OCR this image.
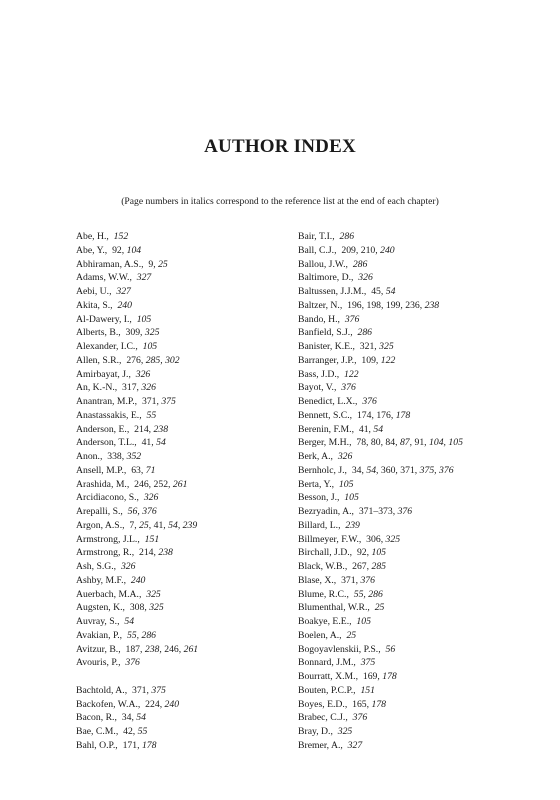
AUTHOR INDEX
(Page numbers in italics correspond to the reference list at the end of each chapter)
Abe, H., 152
Abe, Y., 92, 104
Abhiraman, A.S., 9, 25
Adams, W.W., 327
Aebi, U., 327
Akita, S., 240
Al-Dawery, I., 105
Alberts, B., 309, 325
Alexander, I.C., 105
Allen, S.R., 276, 285, 302
Amirbayat, J., 326
An, K.-N., 317, 326
Anantran, M.P., 371, 375
Anastassakis, E., 55
Anderson, E., 214, 238
Anderson, T.L., 41, 54
Anon., 338, 352
Ansell, M.P., 63, 71
Arashida, M., 246, 252, 261
Arcidiacono, S., 326
Arepalli, S., 56, 376
Argon, A.S., 7, 25, 41, 54, 239
Armstrong, J.L., 151
Armstrong, R., 214, 238
Ash, S.G., 326
Ashby, M.F., 240
Auerbach, M.A., 325
Augsten, K., 308, 325
Auvray, S., 54
Avakian, P., 55, 286
Avitzur, B., 187, 238, 246, 261
Avouris, P., 376
Bachtold, A., 371, 375
Backofen, W.A., 224, 240
Bacon, R., 34, 54
Bae, C.M., 42, 55
Bahl, O.P., 171, 178
Bair, T.I., 286
Ball, C.J., 209, 210, 240
Ballou, J.W., 286
Baltimore, D., 326
Baltussen, J.J.M., 45, 54
Baltzer, N., 196, 198, 199, 236, 238
Bando, H., 376
Banfield, S.J., 286
Banister, K.E., 321, 325
Barranger, J.P., 109, 122
Bass, J.D., 122
Bayot, V., 376
Benedict, L.X., 376
Bennett, S.C., 174, 176, 178
Berenin, F.M., 41, 54
Berger, M.H., 78, 80, 84, 87, 91, 104, 105
Berk, A., 326
Bernholc, J., 34, 54, 360, 371, 375, 376
Berta, Y., 105
Besson, J., 105
Bezryadin, A., 371–373, 376
Billard, L., 239
Billmeyer, F.W., 306, 325
Birchall, J.D., 92, 105
Black, W.B., 267, 285
Blase, X., 371, 376
Blume, R.C., 55, 286
Blumenthal, W.R., 25
Boakye, E.E., 105
Boelen, A., 25
Bogoyavlenskii, P.S., 56
Bonnard, J.M., 375
Bourratt, X.M., 169, 178
Bouten, P.C.P., 151
Boyes, E.D., 165, 178
Brabec, C.J., 376
Bray, D., 325
Bremer, A., 327
